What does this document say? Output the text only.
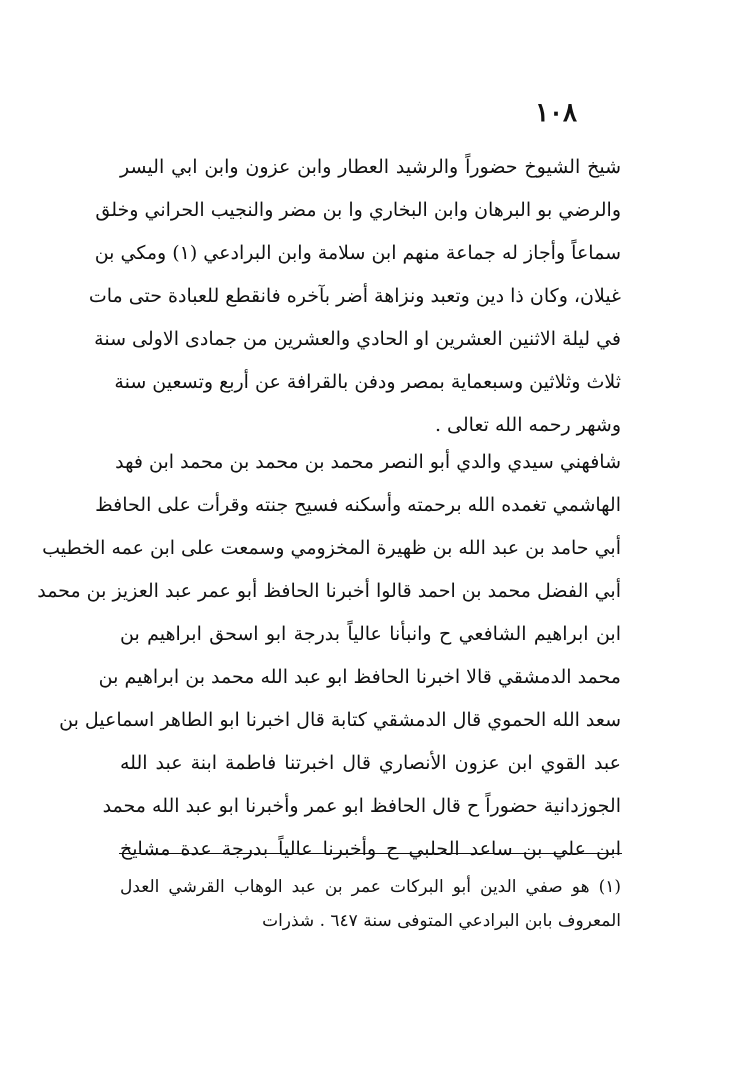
١٠٨
شيخ الشيوخ حضوراً والرشيد العطار وابن عزون وابن ابي اليسر
والرضي بو البرهان وابن البخاري وا بن مضر والنجيب الحراني وخلق
سماعاً وأجاز له جماعة منهم ابن سلامة وابن البرادعي (١) ومكي بن
غيلان، وكان ذا دين وتعبد ونزاهة أضر بآخره فانقطع للعبادة حتى مات
في ليلة الاثنين العشرين او الحادي والعشرين من جمادى الاولى سنة
ثلاث وثلاثين وسبعماية بمصر ودفن بالقرافة عن أربع وتسعين سنة
وشهر رحمه الله تعالى .
شافهني سيدي والدي أبو النصر محمد بن محمد بن محمد ابن فهد
الهاشمي تغمده الله برحمته وأسكنه فسيح جنته وقرأت على الحافظ
أبي حامد بن عبد الله بن ظهيرة المخزومي وسمعت على ابن عمه الخطيب
أبي الفضل محمد بن احمد قالوا أخبرنا الحافظ أبو عمر عبد العزيز بن محمد
ابن ابراهيم الشافعي ح وانبأنا عالياً بدرجة ابو اسحق ابراهيم بن
محمد الدمشقي قالا اخبرنا الحافظ ابو عبد الله محمد بن ابراهيم بن
سعد الله الحموي قال الدمشقي كتابة قال اخبرنا ابو الطاهر اسماعيل بن
عبد القوي ابن عزون الأنصاري قال اخبرتنا فاطمة ابنة عبد الله
الجوزدانية حضوراً ح قال الحافظ ابو عمر وأخبرنا ابو عبد الله محمد
ابن علي بن ساعد الحلبي ح وأخبرنا عالياً بدرجة عدة مشايخ
(١) هو صفي الدين أبو البركات عمر بن عبد الوهاب القرشي العدل
المعروف بابن البرادعي المتوفى سنة ٦٤٧ . شذرات
